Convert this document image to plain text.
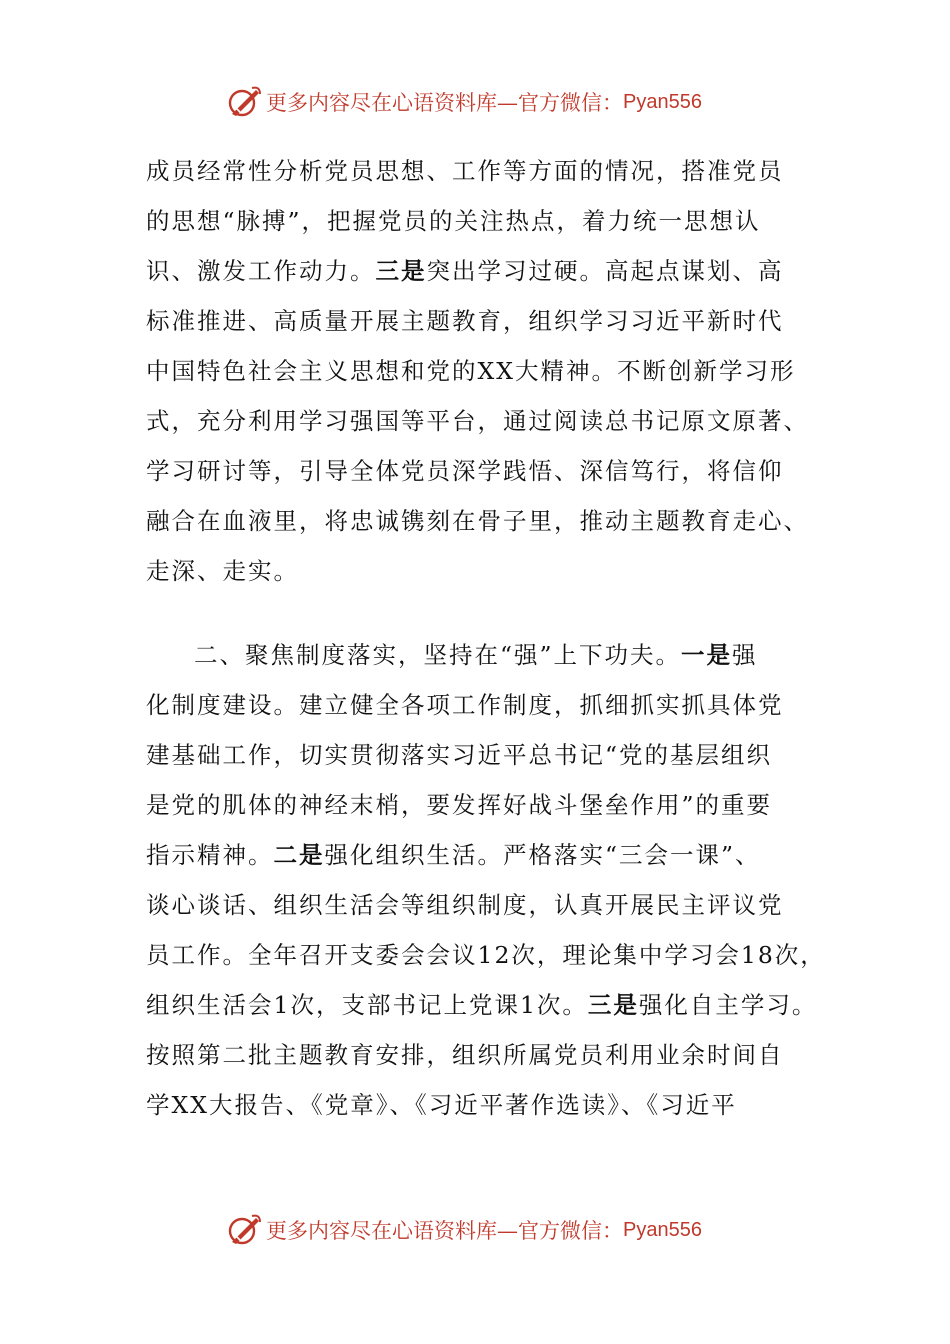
更多内容尽在心语资料库—官方微信： Pyan556
成员经常性分析党员思想、工作等方面的情况，搭准党员
的思想“脉搏”，把握党员的关注热点，着力统一思想认
识、激发工作动力。三是突出学习过硬。高起点谋划、高
标准推进、高质量开展主题教育，组织学习习近平新时代
中国特色社会主义思想和党的XX大精神。不断创新学习形
式，充分利用学习强国等平台，通过阅读总书记原文原著、
学习研讨等，引导全体党员深学践悟、深信笃行，将信仰
融合在血液里，将忠诚镌刻在骨子里，推动主题教育走心、
走深、走实。
二、聚焦制度落实，坚持在“强”上下功夫。一是强
化制度建设。建立健全各项工作制度，抓细抓实抓具体党
建基础工作，切实贯彻落实习近平总书记“党的基层组织
是党的肌体的神经末梢，要发挥好战斗堡垒作用”的重要
指示精神。二是强化组织生活。严格落实“三会一课”、
谈心谈话、组织生活会等组织制度，认真开展民主评议党
员工作。全年召开支委会会议12次，理论集中学习会18次，
组织生活会1次，支部书记上党课1次。三是强化自主学习。
按照第二批主题教育安排，组织所属党员利用业余时间自
学XX大报告、《党章》、《习近平著作选读》、《习近平
更多内容尽在心语资料库—官方微信： Pyan556
